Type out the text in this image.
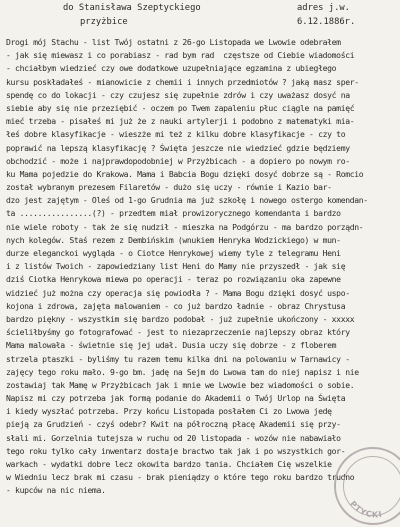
do Stanisława Szeptyckiego
przyżbice
adres j.w.
6.12.1886r.
Drogi mój Stachu - list Twój ostatni z 26-go Listopada we Lwowie odebrałem
- jak się miewasz i co porabiasz - rad bym rad  częstsze od Ciebie wiadomości
- chciałbym wiedzieć czy owe dodatkowe uzupełniające egzamina z ubiegłego
kursu poskładałeś - mianowicie z chemii i innych przedmiotów ? jaką masz sper-
spendę co do lokacji - czy czujesz się zupełnie zdrów i czy uważasz dosyć na
siebie aby się nie przeziębić - oczem po Twem zapaleniu płuc ciągle na pamięć
mieć trzeba - pisałeś mi już że z nauki artylerji i podobno z matematyki mia-
łeś dobre klasyfikacje - wieszże mi też z kilku dobre klasyfikacje - czy to
poprawić na lepszą klasyfikację ? Święta jeszcze nie wiedzieć gdzie będziemy
obchodzić - może i najprawdopodobniej w Przyżbicach - a dopiero po nowym ro-
ku Mama pojedzie do Krakowa. Mama i Babcia Bogu dzięki dosyć dobrze są - Romcio
został wybranym prezesem Filaretów - dużo się uczy - równie i Kazio bar-
dzo jest zajętym - Oleś od 1-go Grudnia ma już szkołę i nowego ostergo komendan-
ta ................(?) - przedtem miał prowizorycznego komendanta i bardzo
nie wiele roboty - tak że się nudził - mieszka na Podgórzu - ma bardzo porządn-
nych kolegów. Staś rezem z Dembińskim (wnukiem Henryka Wodzickiego) w mun-
durze eleganckoi wygląda - o Ciotce Henrykowej wiemy tyle z telegramu Heni
i z listów Twoich - zapowiedziany list Heni do Mamy nie przyszedł - jak się
dziś Ciotka Henrykowa miewa po operacji - teraz po rozwiązaniu oka zapewne
widzieć już można czy operacja się powiodła ? - Mama Bogu dzięki dosyć uspo-
kojona i zdrowa, zajęta malowaniem - co już bardzo ładnie - obraz Chrystusa
bardzo piękny - wszystkim się bardzo podobał - już zupełnie ukończony - xxxxx
ścieliłbyśmy go fotografować - jest to niezaprzeczenie najlepszy obraz który
Mama malowała - świetnie się jej udał. Dusia uczy się dobrze - z floberem
strzela ptaszki - byliśmy tu razem temu kilka dni na polowaniu w Tarnawicy -
zajęcy tego roku mało. 9-go bm. jadę na Sejm do Lwowa tam do niej napisz i nie
zostawiaj tak Mamę w Przyżbicach jak i mnie we Lwowie bez wiadomości o sobie.
Napisz mi czy potrzeba jak formą podanie do Akademii o Twój Urlop na Święta
i kiedy wyszłać potrzeba. Przy końcu Listopada posłałem Ci zo Lwowa jedę
pieją za Grudzień - czyś odebr? Kwit na półroczną płacę Akademii się przy-
słali mi. Gorzelnia tutejsza w ruchu od 20 listopada - wozów nie nabawiało
tego roku tylko cały inwentarz dostaje bractwo tak jak i po wszystkich gor-
warkach - wydatki dobre lecz okowita bardzo tania. Chciałem Cię wszelkie
w Wiedniu lecz brak mi czasu - brak pieniądzy o które tego roku bardzo trudno
- kupców na nic niema.
PTYCKI
